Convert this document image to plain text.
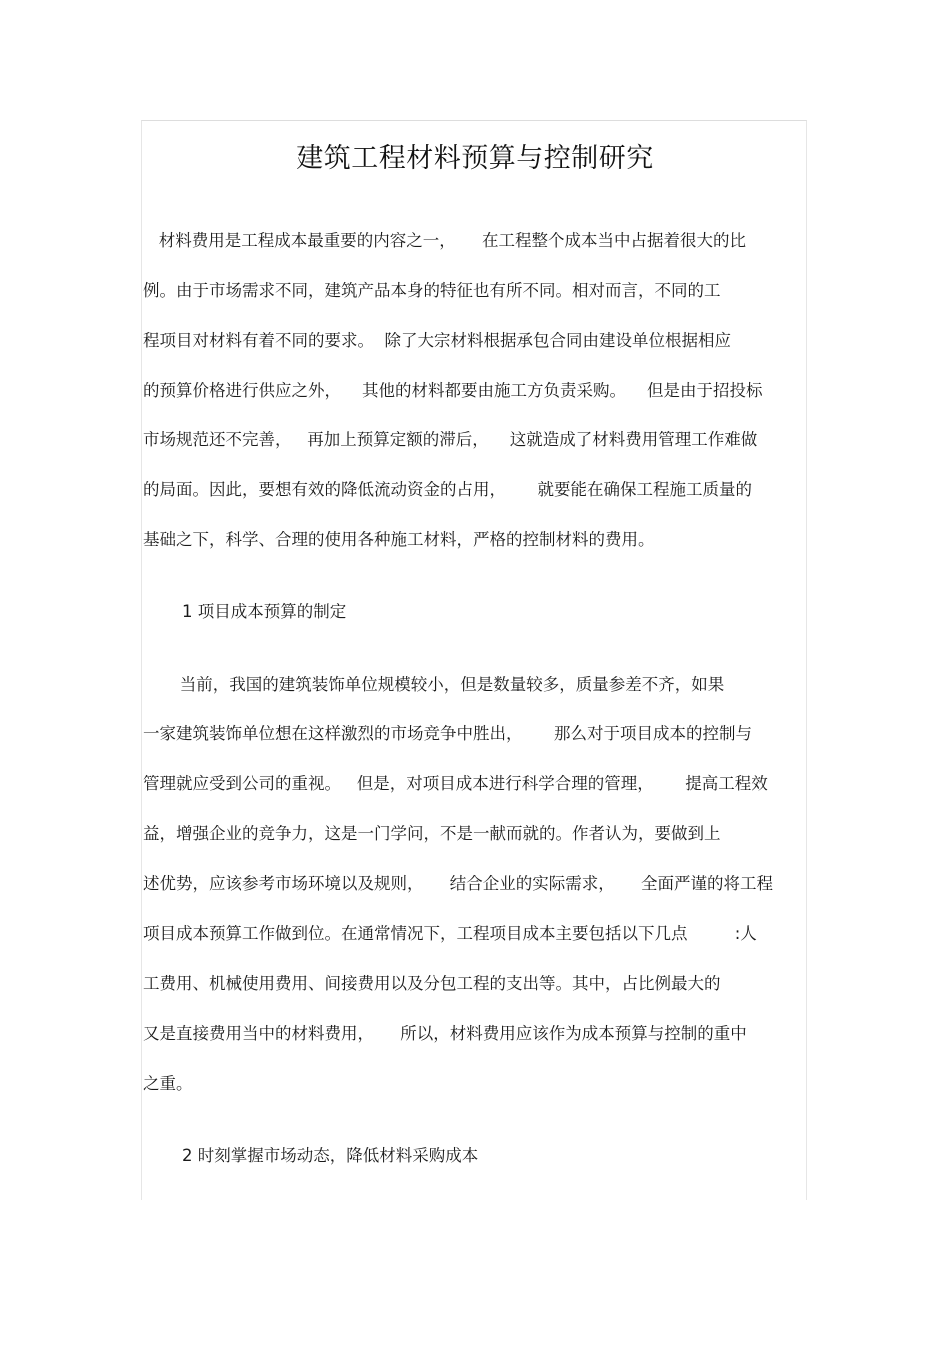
建筑工程材料预算与控制研究
材料费用是工程成本最重要的内容之一，     在工程整个成本当中占据着很大的比
例。由于市场需求不同，建筑产品本身的特征也有所不同。相对而言，不同的工
程项目对材料有着不同的要求。  除了大宗材料根据承包合同由建设单位根据相应
的预算价格进行供应之外，    其他的材料都要由施工方负责采购。    但是由于招投标
市场规范还不完善，   再加上预算定额的滞后，    这就造成了材料费用管理工作难做
的局面。因此，要想有效的降低流动资金的占用，      就要能在确保工程施工质量的
基础之下，科学、合理的使用各种施工材料，严格的控制材料的费用。
1 项目成本预算的制定
当前，我国的建筑装饰单位规模较小，但是数量较多，质量参差不齐，如果
一家建筑装饰单位想在这样激烈的市场竞争中胜出，      那么对于项目成本的控制与
管理就应受到公司的重视。   但是，对项目成本进行科学合理的管理，      提高工程效
益，增强企业的竞争力，这是一门学问，不是一献而就的。作者认为，要做到上
述优势，应该参考市场环境以及规则，     结合企业的实际需求，     全面严谨的将工程
项目成本预算工作做到位。在通常情况下，工程项目成本主要包括以下几点         :人
工费用、机械使用费用、间接费用以及分包工程的支出等。其中，占比例最大的
又是直接费用当中的材料费用，     所以，材料费用应该作为成本预算与控制的重中
之重。
2 时刻掌握市场动态，降低材料采购成本
